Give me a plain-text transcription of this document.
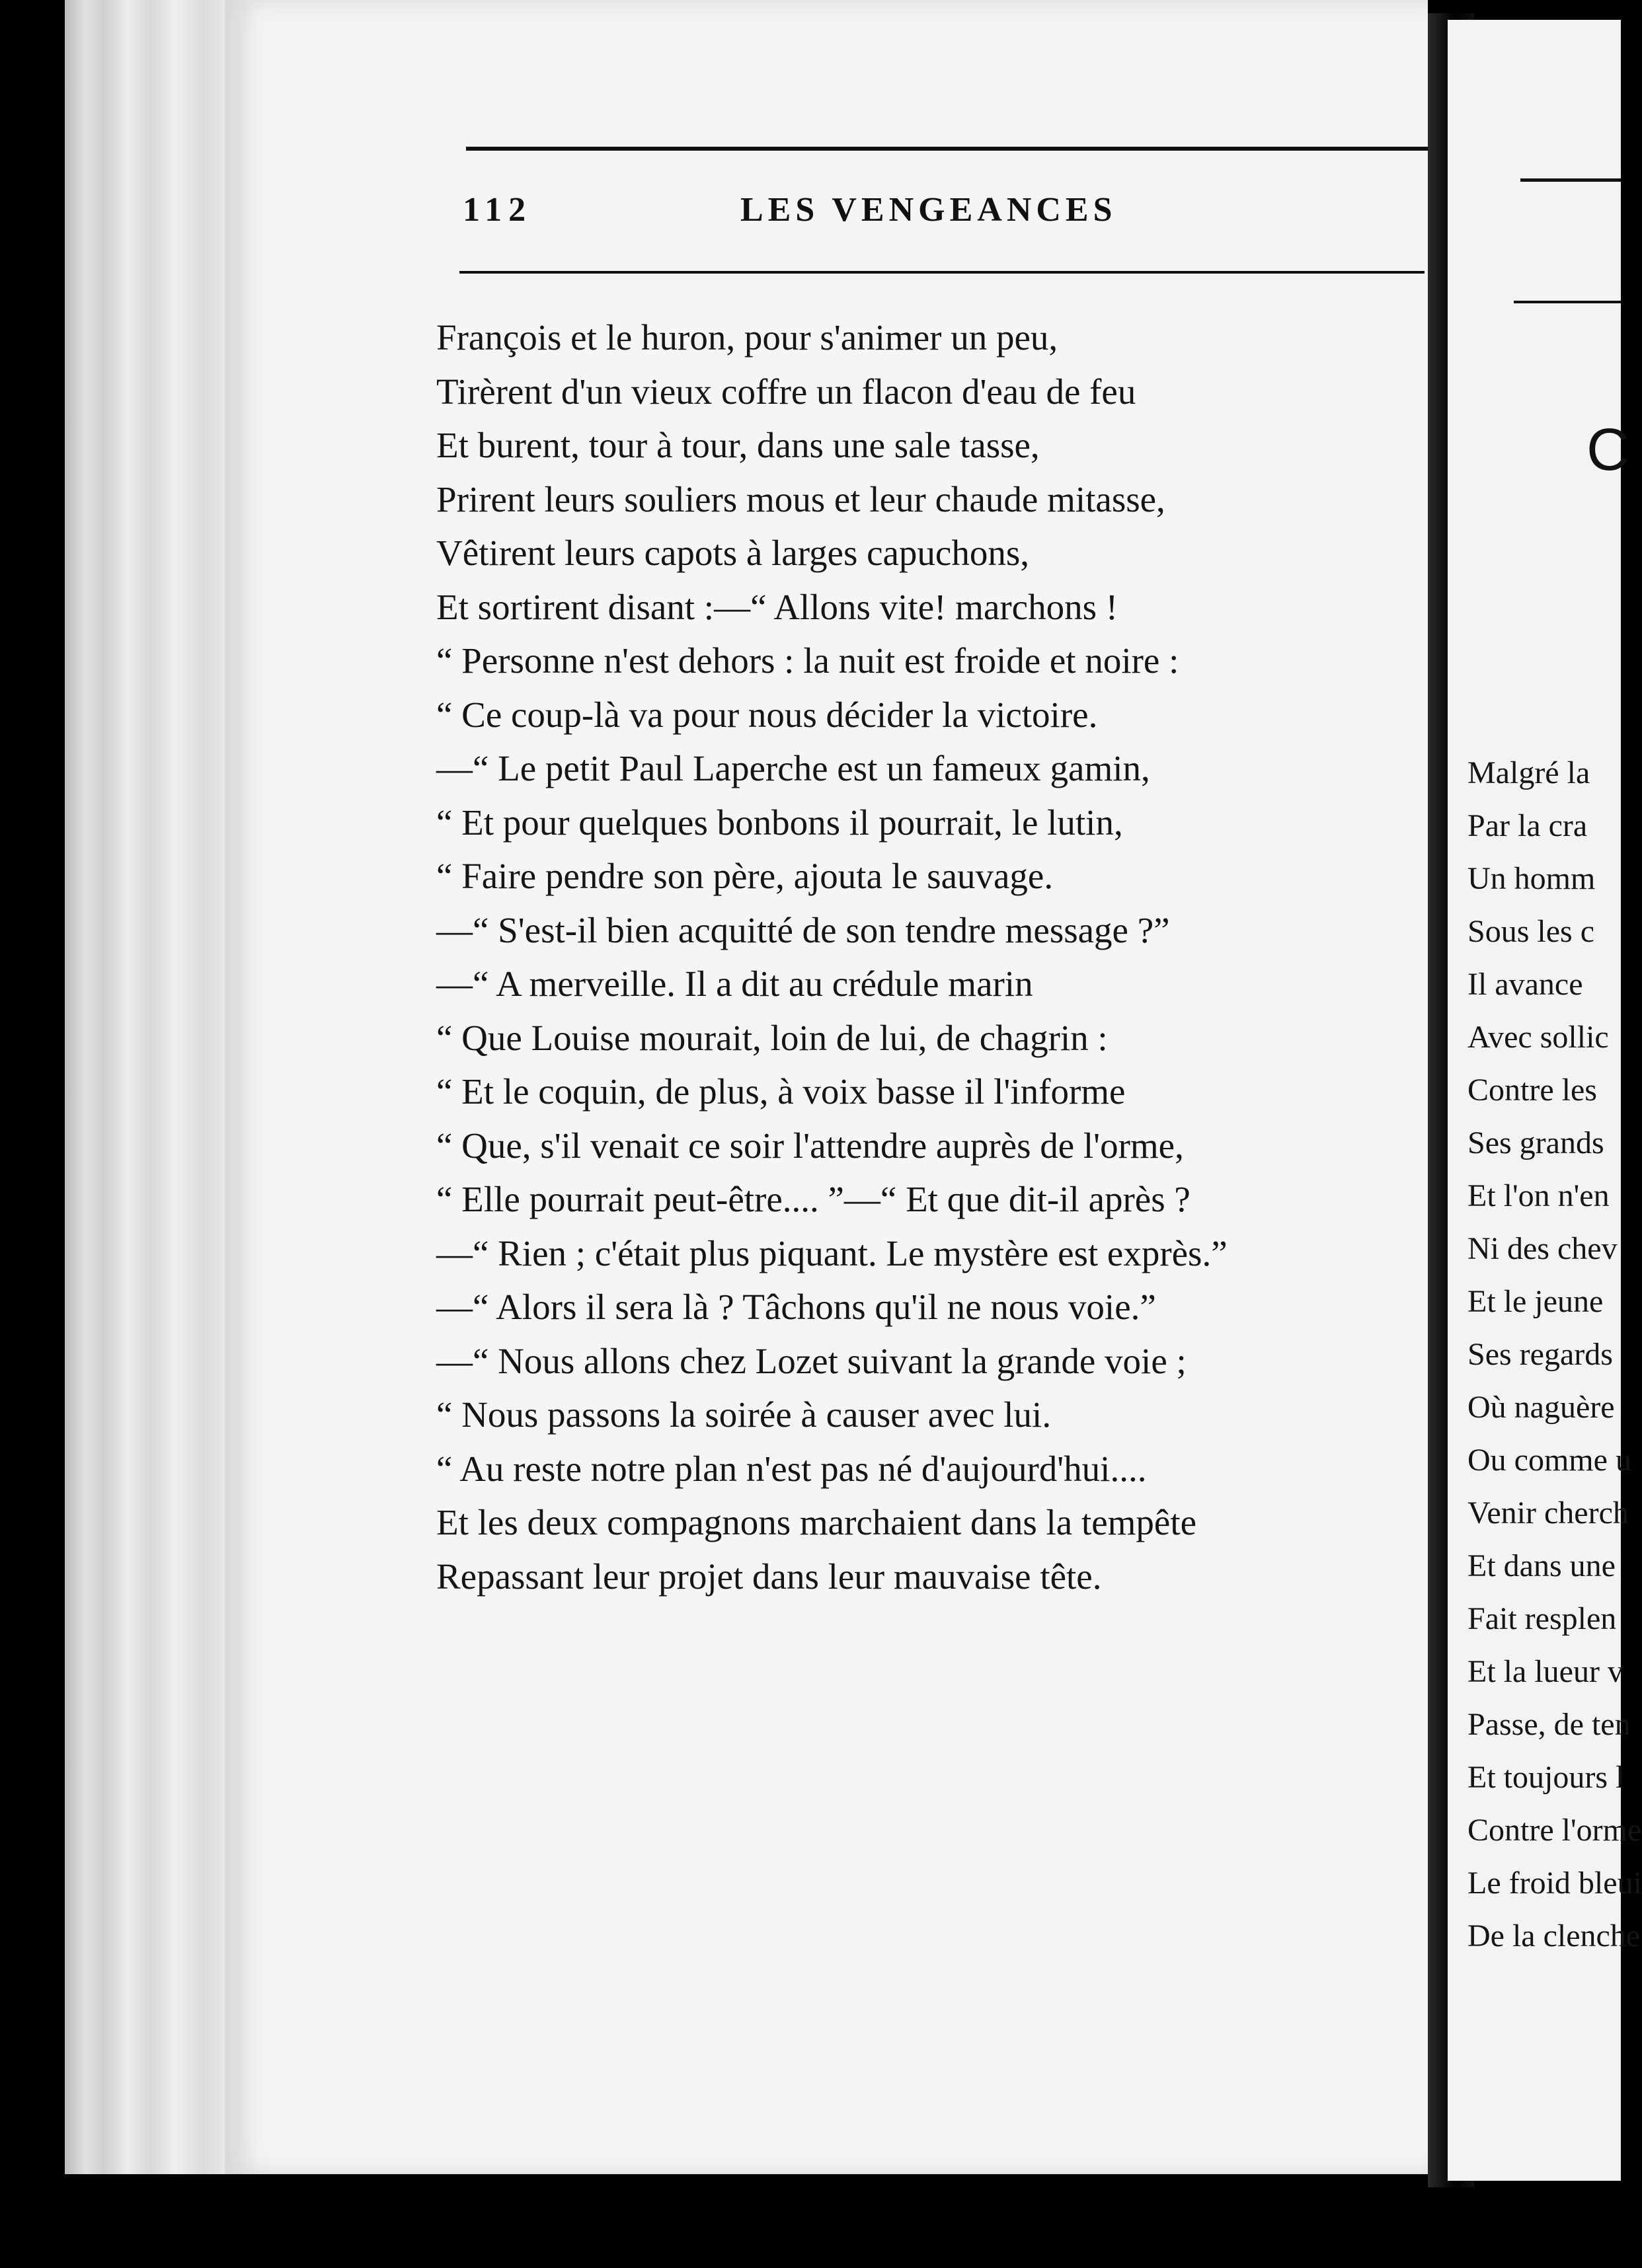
112	LES VENGEANCES
François et le huron, pour s'animer un peu,
Tirèrent d'un vieux coffre un flacon d'eau de feu
Et burent, tour à tour, dans une sale tasse,
Prirent leurs souliers mous et leur chaude mitasse,
Vêtirent leurs capots à larges capuchons,
Et sortirent disant :—“ Allons vite! marchons !
“ Personne n'est dehors : la nuit est froide et noire :
“ Ce coup-là va pour nous décider la victoire.
—“ Le petit Paul Laperche est un fameux gamin,
“ Et pour quelques bonbons il pourrait, le lutin,
“ Faire pendre son père, ajouta le sauvage.
—“ S'est-il bien acquitté de son tendre message ?”
—“ A merveille. Il a dit au crédule marin
“ Que Louise mourait, loin de lui, de chagrin :
“ Et le coquin, de plus, à voix basse il l'informe
“ Que, s'il venait ce soir l'attendre auprès de l'orme,
“ Elle pourrait peut-être.... ”—“ Et que dit-il après ?
—“ Rien ; c'était plus piquant. Le mystère est exprès.”
—“ Alors il sera là ? Tâchons qu'il ne nous voie.”
—“ Nous allons chez Lozet suivant la grande voie ;
“ Nous passons la soirée à causer avec lui.
“ Au reste notre plan n'est pas né d'aujourd'hui....
Et les deux compagnons marchaient dans la tempête
Repassant leur projet dans leur mauvaise tête.
C
Malgré la
Par la cra
Un homm
Sous les c
Il avance
Avec sollic
Contre les
Ses grands
Et l'on n'en
Ni des chev
Et le jeune
Ses regards
Où naguère
Ou comme u
Venir cherch
Et dans une
Fait resplen
Et la lueur v
Passe, de ten
Et toujours l
Contre l'orme
Le froid bleui
De la clenche
